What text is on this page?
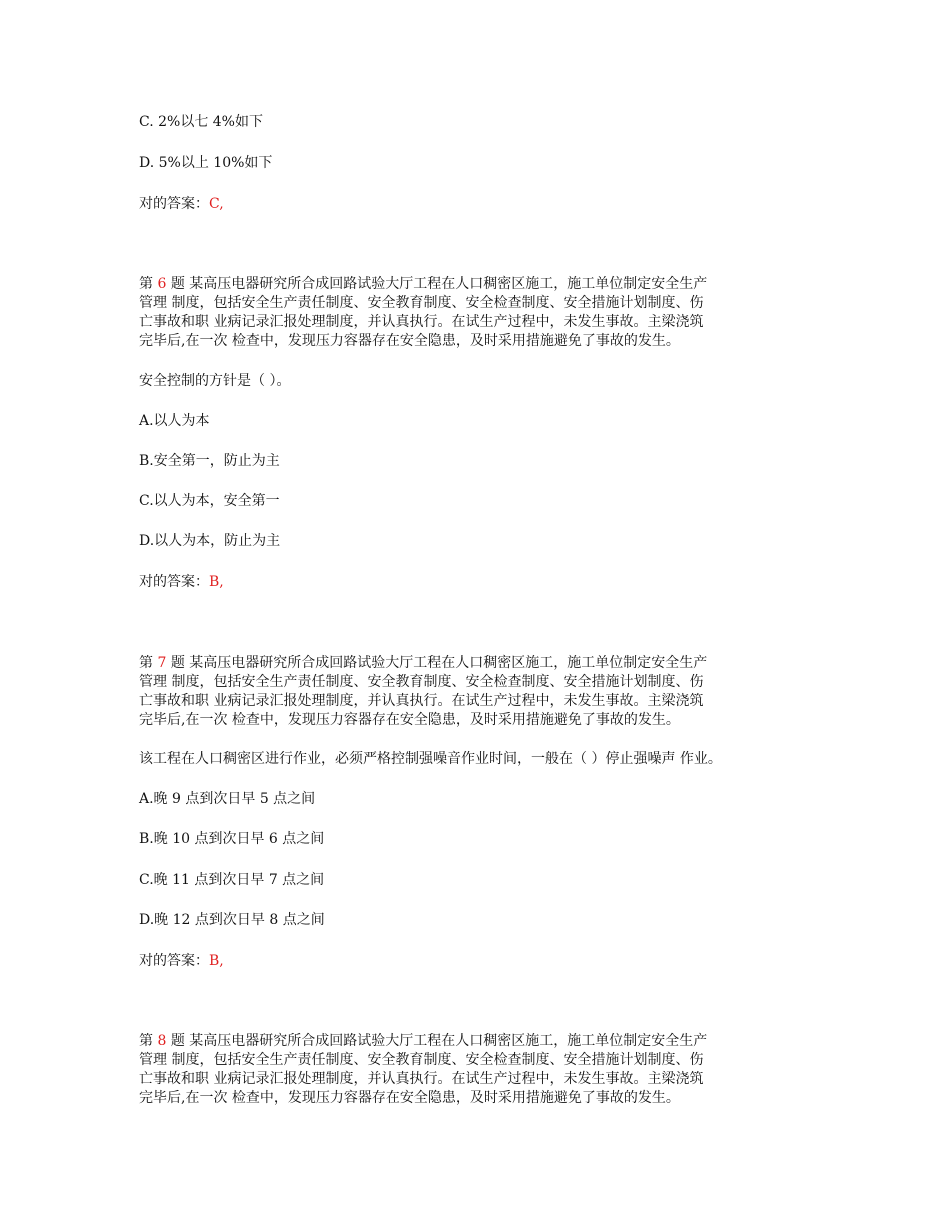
C. 2%以七 4%如下
D. 5%以上 10%如下
对的答案：C,
第 6 题 某高压电器研究所合成回路试验大厅工程在人口稠密区施工，施工单位制定安全生产
管理 制度，包括安全生产责任制度、安全教育制度、安全检查制度、安全措施计划制度、伤
亡事故和职 业病记录汇报处理制度，并认真执行。在试生产过程中，未发生事故。主梁浇筑
完毕后,在一次 检查中，发现压力容器存在安全隐患，及时采用措施避免了事故的发生。
安全控制的方针是（ ）。
A.以人为本
B.安全第一，防止为主
C.以人为本，安全第一
D.以人为本，防止为主
对的答案：B,
第 7 题 某高压电器研究所合成回路试验大厅工程在人口稠密区施工，施工单位制定安全生产
管理 制度，包括安全生产责任制度、安全教育制度、安全检查制度、安全措施计划制度、伤
亡事故和职 业病记录汇报处理制度，并认真执行。在试生产过程中，未发生事故。主梁浇筑
完毕后,在一次 检查中，发现压力容器存在安全隐患，及时采用措施避免了事故的发生。
该工程在人口稠密区进行作业，必须严格控制强噪音作业时间，一般在（ ）停止强噪声 作业。
A.晚 9 点到次日早 5 点之间
B.晚 10 点到次日早 6 点之间
C.晚 11 点到次日早 7 点之间
D.晚 12 点到次日早 8 点之间
对的答案：B,
第 8 题 某高压电器研究所合成回路试验大厅工程在人口稠密区施工，施工单位制定安全生产
管理 制度，包括安全生产责任制度、安全教育制度、安全检查制度、安全措施计划制度、伤
亡事故和职 业病记录汇报处理制度，并认真执行。在试生产过程中，未发生事故。主梁浇筑
完毕后,在一次 检查中，发现压力容器存在安全隐患，及时采用措施避免了事故的发生。
